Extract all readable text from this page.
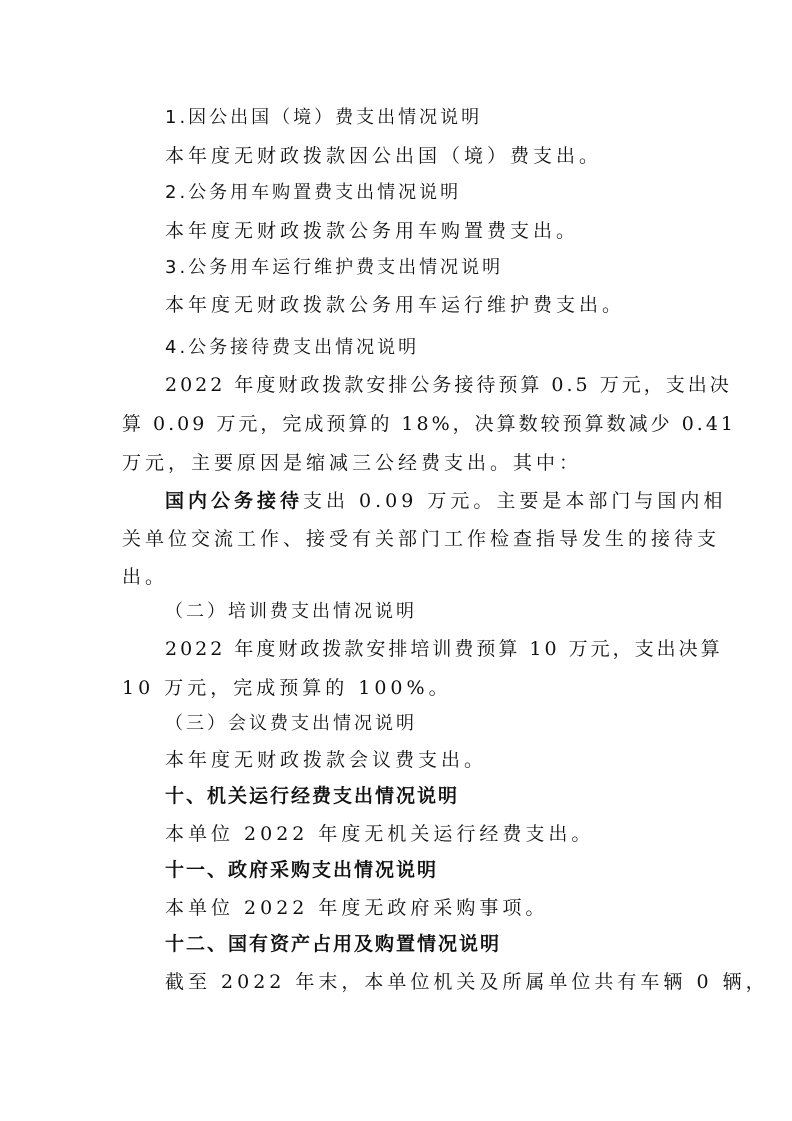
1.因公出国（境）费支出情况说明
本年度无财政拨款因公出国（境）费支出。
2.公务用车购置费支出情况说明
本年度无财政拨款公务用车购置费支出。
3.公务用车运行维护费支出情况说明
本年度无财政拨款公务用车运行维护费支出。
4.公务接待费支出情况说明
2022 年度财政拨款安排公务接待预算 0.5 万元，支出决
算 0.09 万元，完成预算的 18%，决算数较预算数减少 0.41
万元，主要原因是缩减三公经费支出。其中：
国内公务接待支出 0.09 万元。主要是本部门与国内相
关单位交流工作、接受有关部门工作检查指导发生的接待支
出。
（二）培训费支出情况说明
2022 年度财政拨款安排培训费预算 10 万元，支出决算
10 万元，完成预算的 100%。
（三）会议费支出情况说明
本年度无财政拨款会议费支出。
十、机关运行经费支出情况说明
本单位 2022 年度无机关运行经费支出。
十一、政府采购支出情况说明
本单位 2022 年度无政府采购事项。
十二、国有资产占用及购置情况说明
截至 2022 年末，本单位机关及所属单位共有车辆 0 辆，
